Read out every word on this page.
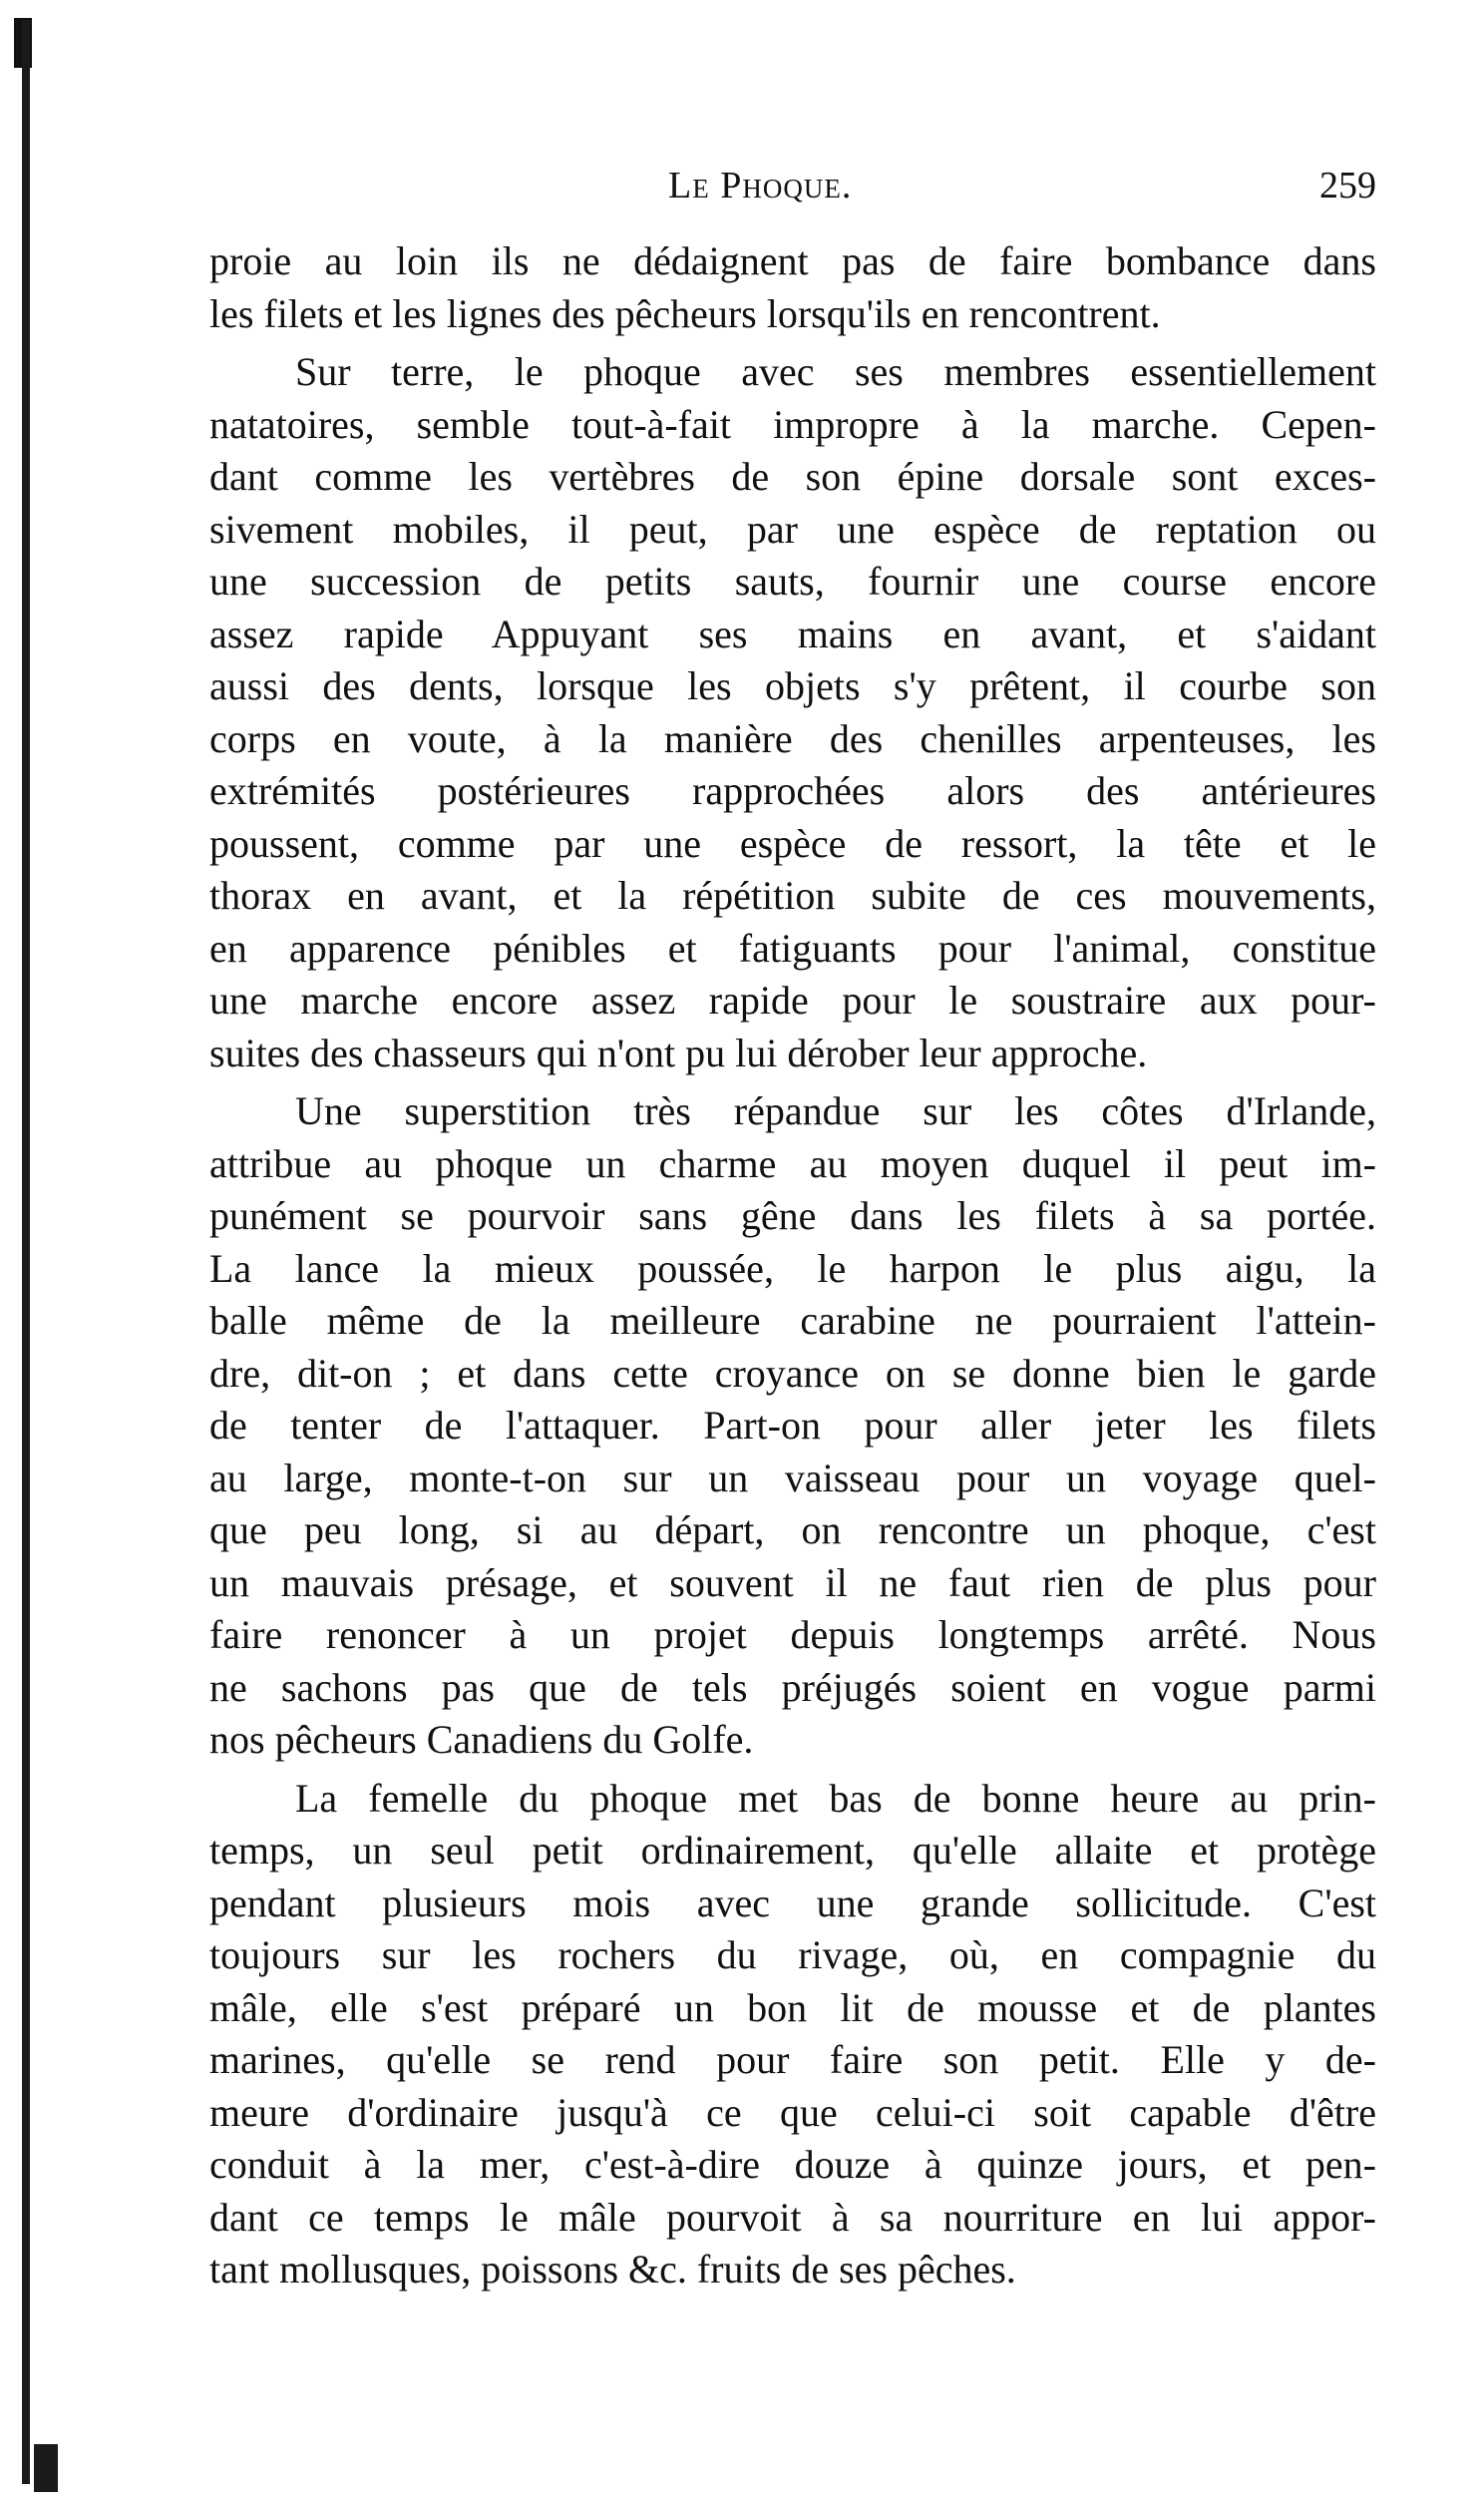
Le Phoque.	259
proie au loin ils ne dédaignent pas de faire bombance dans
les filets et les lignes des pêcheurs lorsqu'ils en rencontrent.
Sur terre, le phoque avec ses membres essentiellement
natatoires, semble tout-à-fait impropre à la marche. Cepen-
dant comme les vertèbres de son épine dorsale sont exces-
sivement mobiles, il peut, par une espèce de reptation ou
une succession de petits sauts, fournir une course encore
assez rapide Appuyant ses mains en avant, et s'aidant
aussi des dents, lorsque les objets s'y prêtent, il courbe son
corps en voute, à la manière des chenilles arpenteuses, les
extrémités postérieures rapprochées alors des antérieures
poussent, comme par une espèce de ressort, la tête et le
thorax en avant, et la répétition subite de ces mouvements,
en apparence pénibles et fatiguants pour l'animal, constitue
une marche encore assez rapide pour le soustraire aux pour-
suites des chasseurs qui n'ont pu lui dérober leur approche.
Une superstition très répandue sur les côtes d'Irlande,
attribue au phoque un charme au moyen duquel il peut im-
punément se pourvoir sans gêne dans les filets à sa portée.
La lance la mieux poussée, le harpon le plus aigu, la
balle même de la meilleure carabine ne pourraient l'attein-
dre, dit-on ; et dans cette croyance on se donne bien le garde
de tenter de l'attaquer. Part-on pour aller jeter les filets
au large, monte-t-on sur un vaisseau pour un voyage quel-
que peu long, si au départ, on rencontre un phoque, c'est
un mauvais présage, et souvent il ne faut rien de plus pour
faire renoncer à un projet depuis longtemps arrêté. Nous
ne sachons pas que de tels préjugés soient en vogue parmi
nos pêcheurs Canadiens du Golfe.
La femelle du phoque met bas de bonne heure au prin-
temps, un seul petit ordinairement, qu'elle allaite et protège
pendant plusieurs mois avec une grande sollicitude. C'est
toujours sur les rochers du rivage, où, en compagnie du
mâle, elle s'est préparé un bon lit de mousse et de plantes
marines, qu'elle se rend pour faire son petit. Elle y de-
meure d'ordinaire jusqu'à ce que celui-ci soit capable d'être
conduit à la mer, c'est-à-dire douze à quinze jours, et pen-
dant ce temps le mâle pourvoit à sa nourriture en lui appor-
tant mollusques, poissons &c. fruits de ses pêches.
